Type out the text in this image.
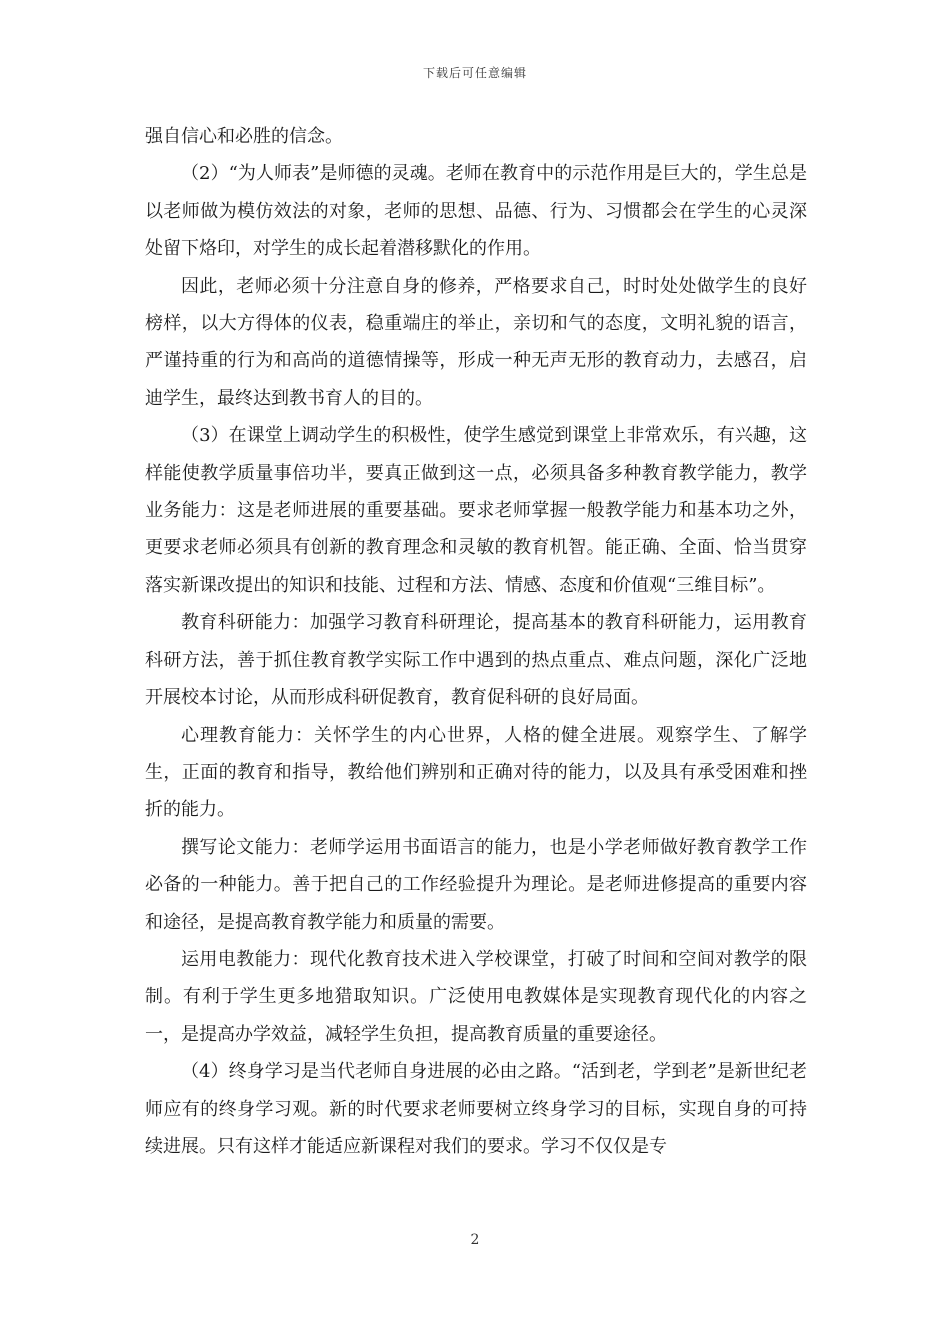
下载后可任意编辑

强自信心和必胜的信念。

（2）“为人师表”是师德的灵魂。老师在教育中的示范作用是巨大的，学生总是以老师做为模仿效法的对象，老师的思想、品德、行为、习惯都会在学生的心灵深处留下烙印，对学生的成长起着潜移默化的作用。

因此，老师必须十分注意自身的修养，严格要求自己，时时处处做学生的良好榜样，以大方得体的仪表，稳重端庄的举止，亲切和气的态度，文明礼貌的语言，严谨持重的行为和高尚的道德情操等，形成一种无声无形的教育动力，去感召，启迪学生，最终达到教书育人的目的。

（3）在课堂上调动学生的积极性，使学生感觉到课堂上非常欢乐，有兴趣，这样能使教学质量事倍功半，要真正做到这一点，必须具备多种教育教学能力，教学业务能力：这是老师进展的重要基础。要求老师掌握一般教学能力和基本功之外，更要求老师必须具有创新的教育理念和灵敏的教育机智。能正确、全面、恰当贯穿落实新课改提出的知识和技能、过程和方法、情感、态度和价值观“三维目标”。

教育科研能力：加强学习教育科研理论，提高基本的教育科研能力，运用教育科研方法，善于抓住教育教学实际工作中遇到的热点重点、难点问题，深化广泛地开展校本讨论，从而形成科研促教育，教育促科研的良好局面。

心理教育能力：关怀学生的内心世界，人格的健全进展。观察学生、了解学生，正面的教育和指导，教给他们辨别和正确对待的能力，以及具有承受困难和挫折的能力。

撰写论文能力：老师学运用书面语言的能力，也是小学老师做好教育教学工作必备的一种能力。善于把自己的工作经验提升为理论。是老师进修提高的重要内容和途径，是提高教育教学能力和质量的需要。

运用电教能力：现代化教育技术进入学校课堂，打破了时间和空间对教学的限制。有利于学生更多地猎取知识。广泛使用电教媒体是实现教育现代化的内容之一，是提高办学效益，减轻学生负担，提高教育质量的重要途径。

（4）终身学习是当代老师自身进展的必由之路。“活到老，学到老”是新世纪老师应有的终身学习观。新的时代要求老师要树立终身学习的目标，实现自身的可持续进展。只有这样才能适应新课程对我们的要求。学习不仅仅是专

2
